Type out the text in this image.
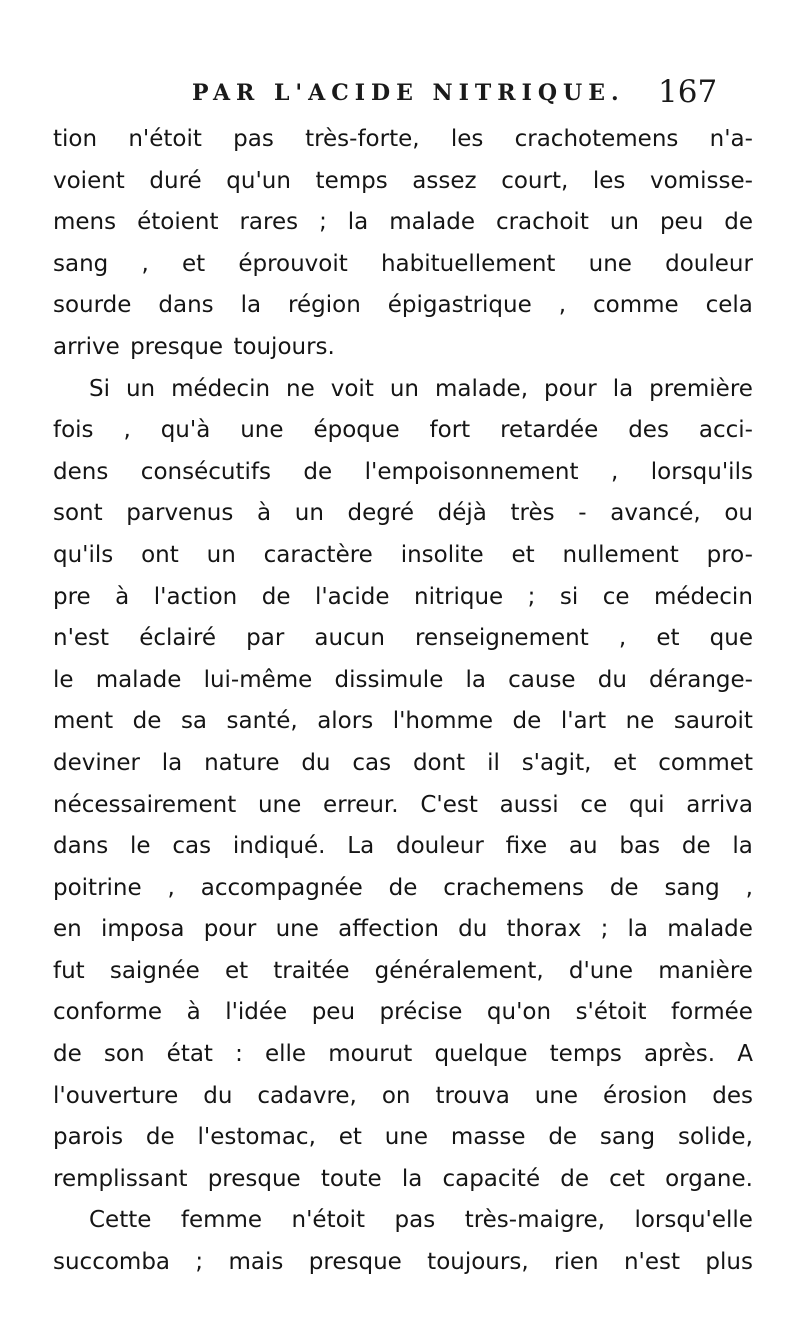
PAR L'ACIDE NITRIQUE. 167
tion n'étoit pas très-forte, les crachotemens n'a-
voient duré qu'un temps assez court, les vomisse-
mens étoient rares ; la malade crachoit un peu de
sang , et éprouvoit habituellement une douleur
sourde dans la région épigastrique , comme cela
arrive presque toujours.
Si un médecin ne voit un malade, pour la première
fois , qu'à une époque fort retardée des acci-
dens consécutifs de l'empoisonnement , lorsqu'ils
sont parvenus à un degré déjà très - avancé, ou
qu'ils ont un caractère insolite et nullement pro-
pre à l'action de l'acide nitrique ; si ce médecin
n'est éclairé par aucun renseignement , et que
le malade lui-même dissimule la cause du dérange-
ment de sa santé, alors l'homme de l'art ne sauroit
deviner la nature du cas dont il s'agit, et commet
nécessairement une erreur. C'est aussi ce qui arriva
dans le cas indiqué. La douleur fixe au bas de la
poitrine , accompagnée de crachemens de sang ,
en imposa pour une affection du thorax ; la malade
fut saignée et traitée généralement, d'une manière
conforme à l'idée peu précise qu'on s'étoit formée
de son état : elle mourut quelque temps après. A
l'ouverture du cadavre, on trouva une érosion des
parois de l'estomac, et une masse de sang solide,
remplissant presque toute la capacité de cet organe.
Cette femme n'étoit pas très-maigre, lorsqu'elle
succomba ; mais presque toujours, rien n'est plus
